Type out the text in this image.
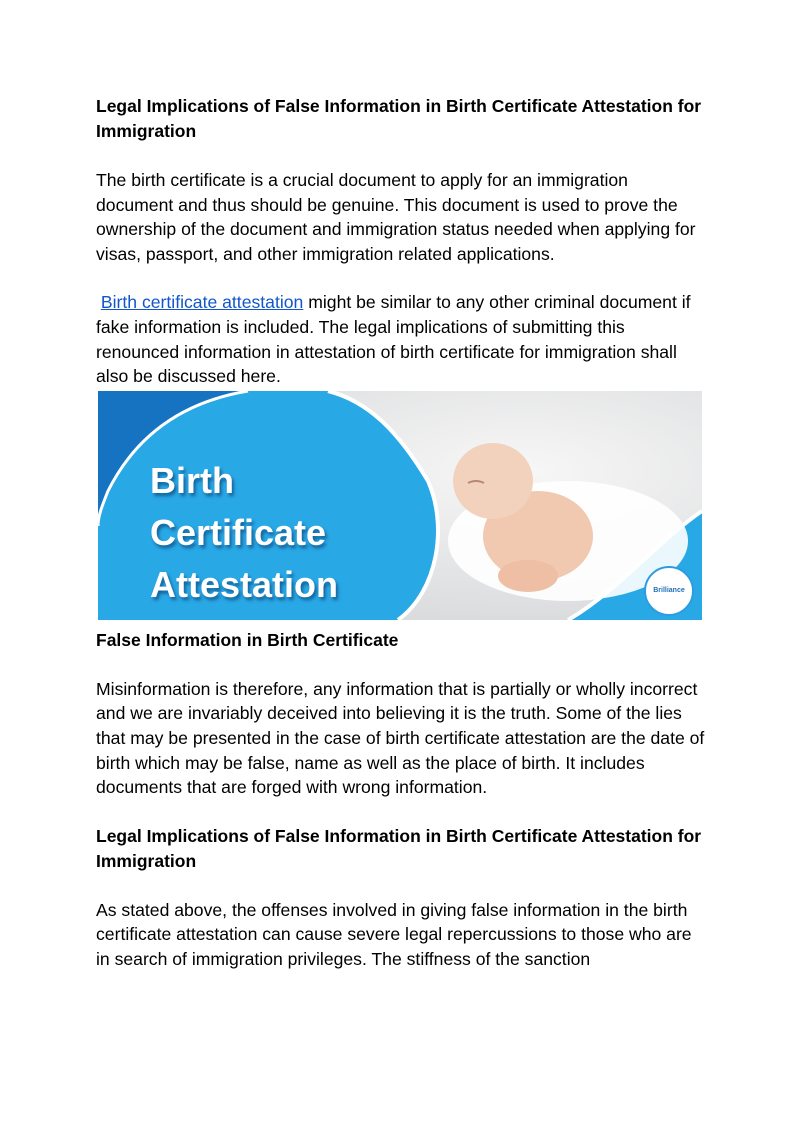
Legal Implications of False Information in Birth Certificate Attestation for Immigration

The birth certificate is a crucial document to apply for an immigration document and thus should be genuine. This document is used to prove the ownership of the document and immigration status needed when applying for visas, passport, and other immigration related applications.

Birth certificate attestation might be similar to any other criminal document if fake information is included. The legal implications of submitting this renounced information in attestation of birth certificate for immigration shall also be discussed here.

Birth
Certificate
Attestation	Brilliance

False Information in Birth Certificate

Misinformation is therefore, any information that is partially or wholly incorrect and we are invariably deceived into believing it is the truth. Some of the lies that may be presented in the case of birth certificate attestation are the date of birth which may be false, name as well as the place of birth. It includes documents that are forged with wrong information.

Legal Implications of False Information in Birth Certificate Attestation for Immigration

As stated above, the offenses involved in giving false information in the birth certificate attestation can cause severe legal repercussions to those who are in search of immigration privileges. The stiffness of the sanction
